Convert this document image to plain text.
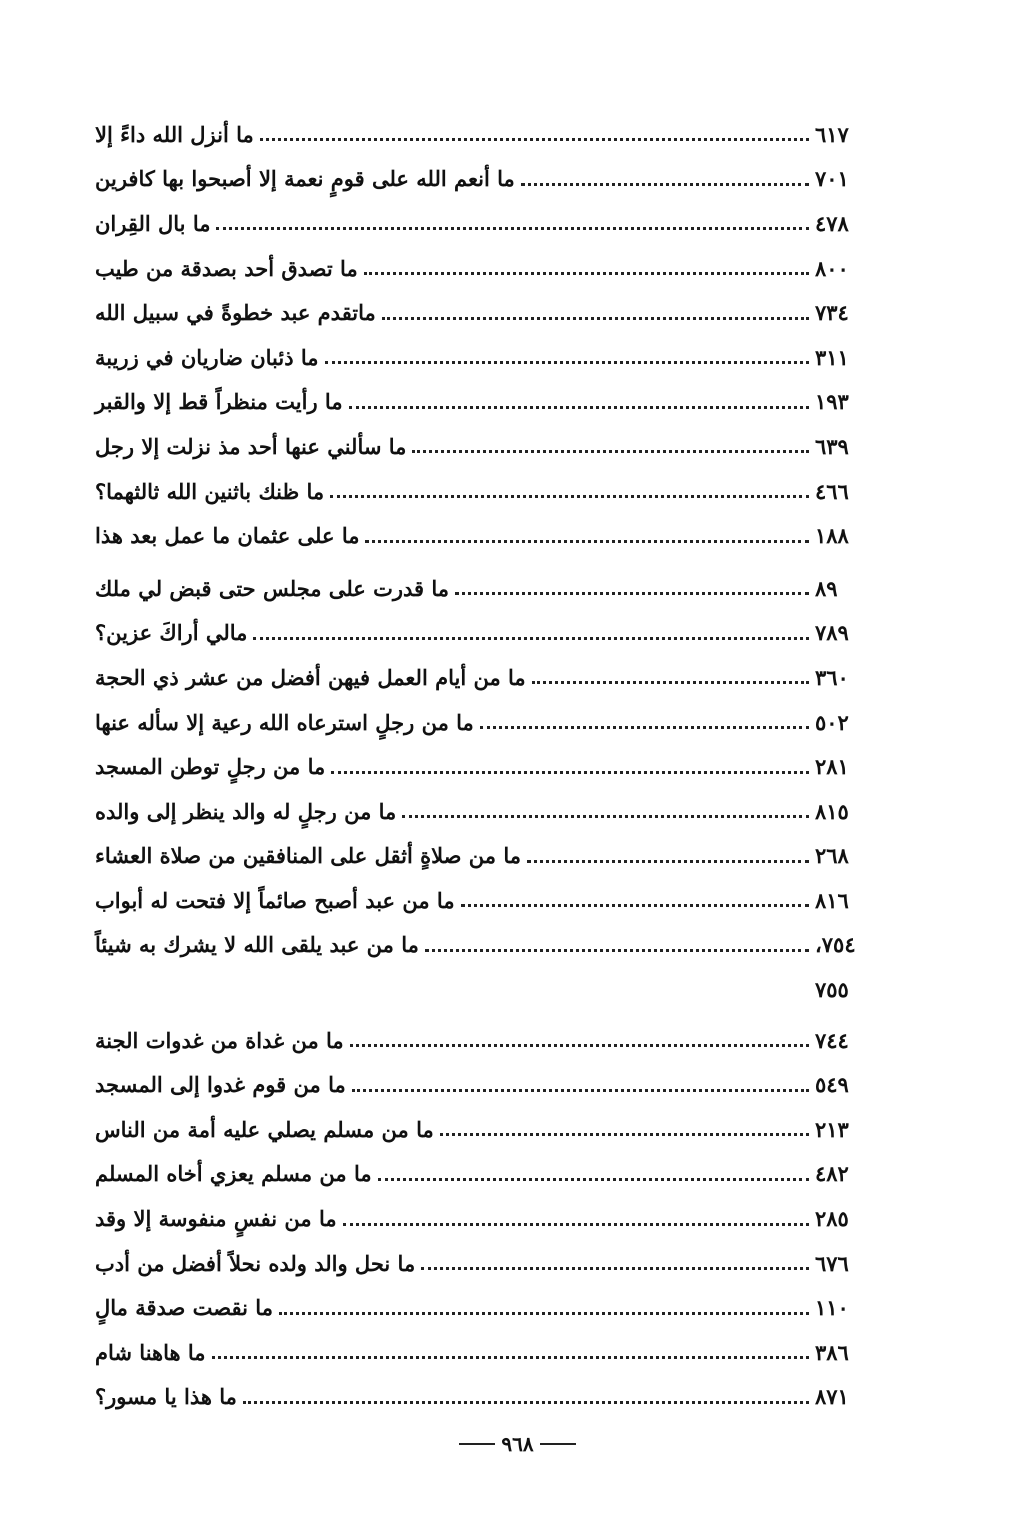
ما أنزل الله داءً إلا	٦١٧
ما أنعم الله على قومٍ نعمة إلا أصبحوا بها كافرين	٧٠١
ما بال القِران	٤٧٨
ما تصدق أحد بصدقة من طيب	٨٠٠
ماتقدم عبد خطوةً في سبيل الله	٧٣٤
ما ذئبان ضاريان في زريبة	٣١١
ما رأيت منظراً قط إلا والقبر	١٩٣
ما سألني عنها أحد مذ نزلت إلا رجل	٦٣٩
ما ظنك باثنين الله ثالثهما؟	٤٦٦
ما على عثمان ما عمل بعد هذا	١٨٨
ما قدرت على مجلس حتى قبض لي ملك	٨٩
مالي أراكَ عزين؟	٧٨٩
ما من أيام العمل فيهن أفضل من عشر ذي الحجة	٣٦٠
ما من رجلٍ استرعاه الله رعية إلا سأله عنها	٥٠٢
ما من رجلٍ توطن المسجد	٢٨١
ما من رجلٍ له والد ينظر إلى والده	٨١٥
ما من صلاةٍ أثقل على المنافقين من صلاة العشاء	٢٦٨
ما من عبد أصبح صائماً إلا فتحت له أبواب	٨١٦
ما من عبد يلقى الله لا يشرك به شيئاً	٧٥٤،
٧٥٥
ما من غداة من غدوات الجنة	٧٤٤
ما من قوم غدوا إلى المسجد	٥٤٩
ما من مسلم يصلي عليه أمة من الناس	٢١٣
ما من مسلم يعزي أخاه المسلم	٤٨٢
ما من نفسٍ منفوسة إلا وقد	٢٨٥
ما نحل والد ولده نحلاً أفضل من أدب	٦٧٦
ما نقصت صدقة مالٍ	١١٠
ما هاهنا شام	٣٨٦
ما هذا يا مسور؟	٨٧١
٩٦٨
